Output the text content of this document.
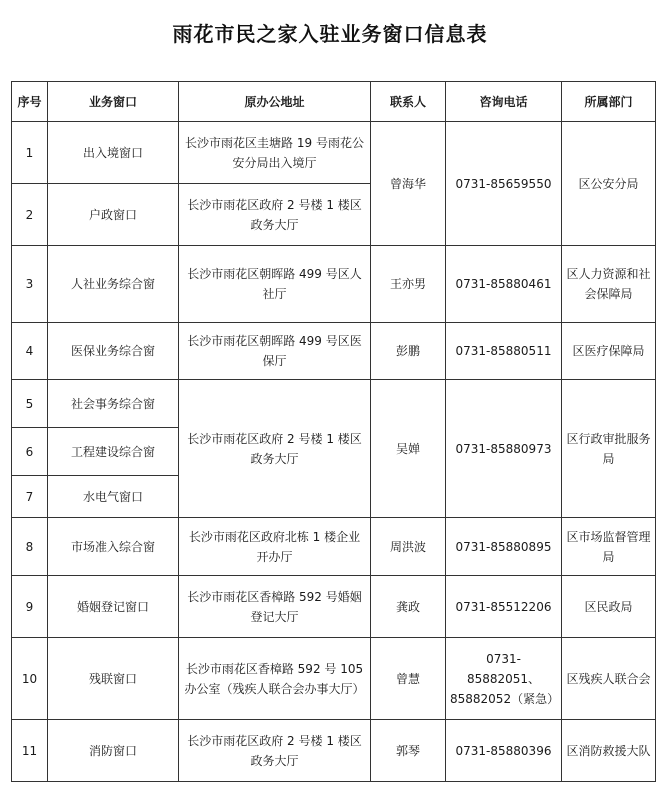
雨花市民之家入驻业务窗口信息表
序号	业务窗口	原办公地址	联系人	咨询电话	所属部门
1	出入境窗口	长沙市雨花区圭塘路 19 号雨花公安分局出入境厅	曾海华	0731-85659550	区公安分局
2	户政窗口	长沙市雨花区政府 2 号楼 1 楼区政务大厅			
3	人社业务综合窗	长沙市雨花区朝晖路 499 号区人社厅	王亦男	0731-85880461	区人力资源和社会保障局
4	医保业务综合窗	长沙市雨花区朝晖路 499 号区医保厅	彭鹏	0731-85880511	区医疗保障局
5	社会事务综合窗	长沙市雨花区政府 2 号楼 1 楼区政务大厅	吴婵	0731-85880973	区行政审批服务局
6	工程建设综合窗				
7	水电气窗口				
8	市场准入综合窗	长沙市雨花区政府北栋 1 楼企业开办厅	周洪波	0731-85880895	区市场监督管理局
9	婚姻登记窗口	长沙市雨花区香樟路 592 号婚姻登记大厅	龚政	0731-85512206	区民政局
10	残联窗口	长沙市雨花区香樟路 592 号 105 办公室（残疾人联合会办事大厅）	曾慧	0731-85882051、85882052（紧急）	区残疾人联合会
11	消防窗口	长沙市雨花区政府 2 号楼 1 楼区政务大厅	郭琴	0731-85880396	区消防救援大队
